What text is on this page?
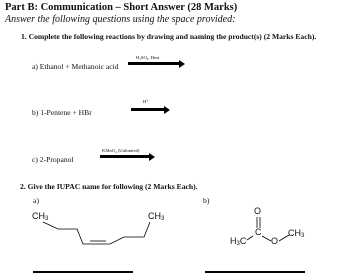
Part B: Communication – Short Answer (28 Marks)
Answer the following questions using the space provided:
1. Complete the following reactions by drawing and naming the product(s) (2 Marks Each).
a) Ethanol + Methanoic acid
H₂SO₄, Heat
b) 1-Pentene + HBr
H⁺
c) 2-Propanol
KMnO₄ (Unlimited)
2. Give the IUPAC name for following (2 Marks Each).
a)	b)
CH3	CH3
O
C
O
H3C
CH3
